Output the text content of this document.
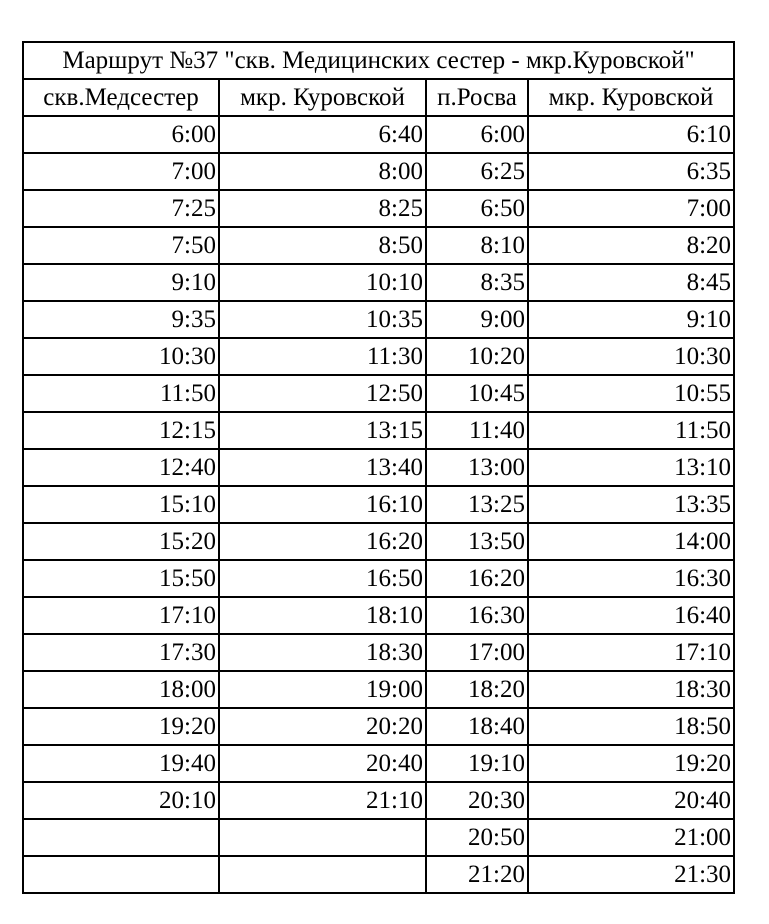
Маршрут №37 "скв. Медицинских сестер - мкр.Куровской"			
скв.Медсестер	мкр. Куровской	п.Росва	мкр. Куровской
6:00	6:40	6:00	6:10
7:00	8:00	6:25	6:35
7:25	8:25	6:50	7:00
7:50	8:50	8:10	8:20
9:10	10:10	8:35	8:45
9:35	10:35	9:00	9:10
10:30	11:30	10:20	10:30
11:50	12:50	10:45	10:55
12:15	13:15	11:40	11:50
12:40	13:40	13:00	13:10
15:10	16:10	13:25	13:35
15:20	16:20	13:50	14:00
15:50	16:50	16:20	16:30
17:10	18:10	16:30	16:40
17:30	18:30	17:00	17:10
18:00	19:00	18:20	18:30
19:20	20:20	18:40	18:50
19:40	20:40	19:10	19:20
20:10	21:10	20:30	20:40
		20:50	21:00
		21:20	21:30
